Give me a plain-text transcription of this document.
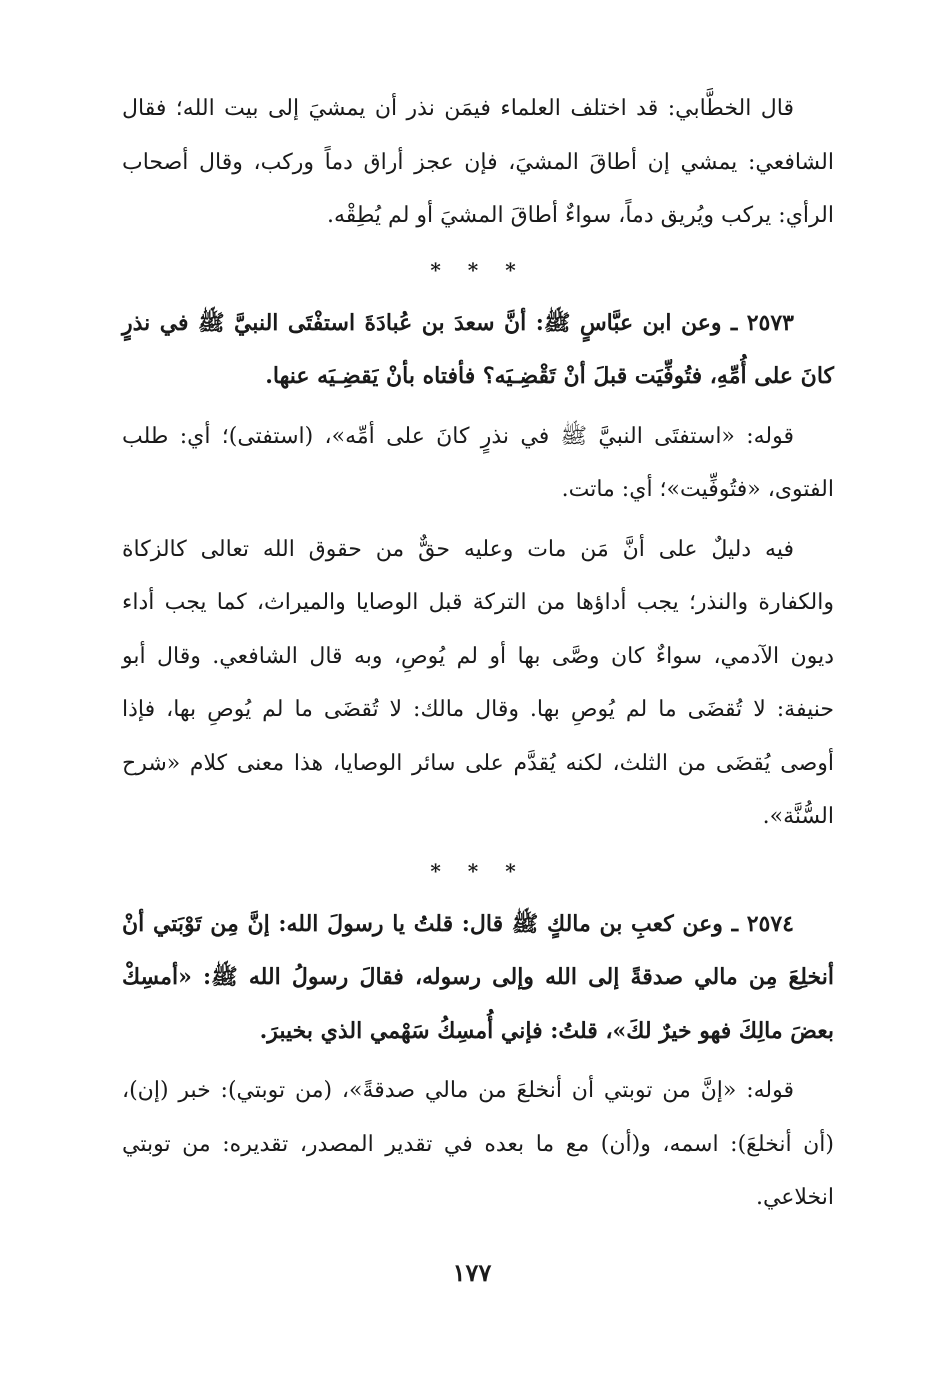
قال الخطَّابي: قد اختلف العلماء فيمَن نذر أن يمشيَ إلى بيت الله؛ فقال الشافعي: يمشي إن أطاقَ المشيَ، فإن عجز أراق دماً وركب، وقال أصحاب الرأي: يركب ويُريق دماً، سواءٌ أطاقَ المشيَ أو لم يُطِقْه.

* * *

٢٥٧٣ ـ وعن ابن عبَّاسٍ ﷺ: أنَّ سعدَ بن عُبادَةَ استفْتَى النبيَّ ﷺ في نذرٍ كانَ على أُمِّهِ، فتُوفِّيَت قبلَ أنْ تَقْضِـيَه؟ فأفتاه بأنْ يَقضِـيَه عنها.

قوله: «استفتَى النبيَّ ﷺ في نذرٍ كانَ على أمِّه»، (استفتى)؛ أي: طلب الفتوى، «فتُوفِّيت»؛ أي: ماتت.

فيه دليلٌ على أنَّ مَن مات وعليه حقٌّ من حقوق الله تعالى كالزكاة والكفارة والنذر؛ يجب أداؤها من التركة قبل الوصايا والميراث، كما يجب أداء ديون الآدمي، سواءٌ كان وصَّى بها أو لم يُوصِ، وبه قال الشافعي. وقال أبو حنيفة: لا تُقضَى ما لم يُوصِ بها. وقال مالك: لا تُقضَى ما لم يُوصِ بها، فإذا أوصى يُقضَى من الثلث، لكنه يُقدَّم على سائر الوصايا، هذا معنى كلام «شرح السُّنَّة».

* * *

٢٥٧٤ ـ وعن كعبِ بن مالكٍ ﷺ قال: قلتُ يا رسولَ الله: إنَّ مِن تَوْبَتي أنْ أنخلِعَ مِن مالي صدقةً إلى الله وإلى رسوله، فقالَ رسولُ الله ﷺ: «أمسِكْ بعضَ مالِكَ فهو خيرٌ لكَ»، قلتُ: فإني أُمسِكُ سَهْمي الذي بخيبرَ.

قوله: «إنَّ من توبتي أن أنخلعَ من مالي صدقةً»، (من توبتي): خبر (إن)، (أن أنخلعَ): اسمه، و(أن) مع ما بعده في تقدير المصدر، تقديره: من توبتي انخلاعي.

١٧٧
